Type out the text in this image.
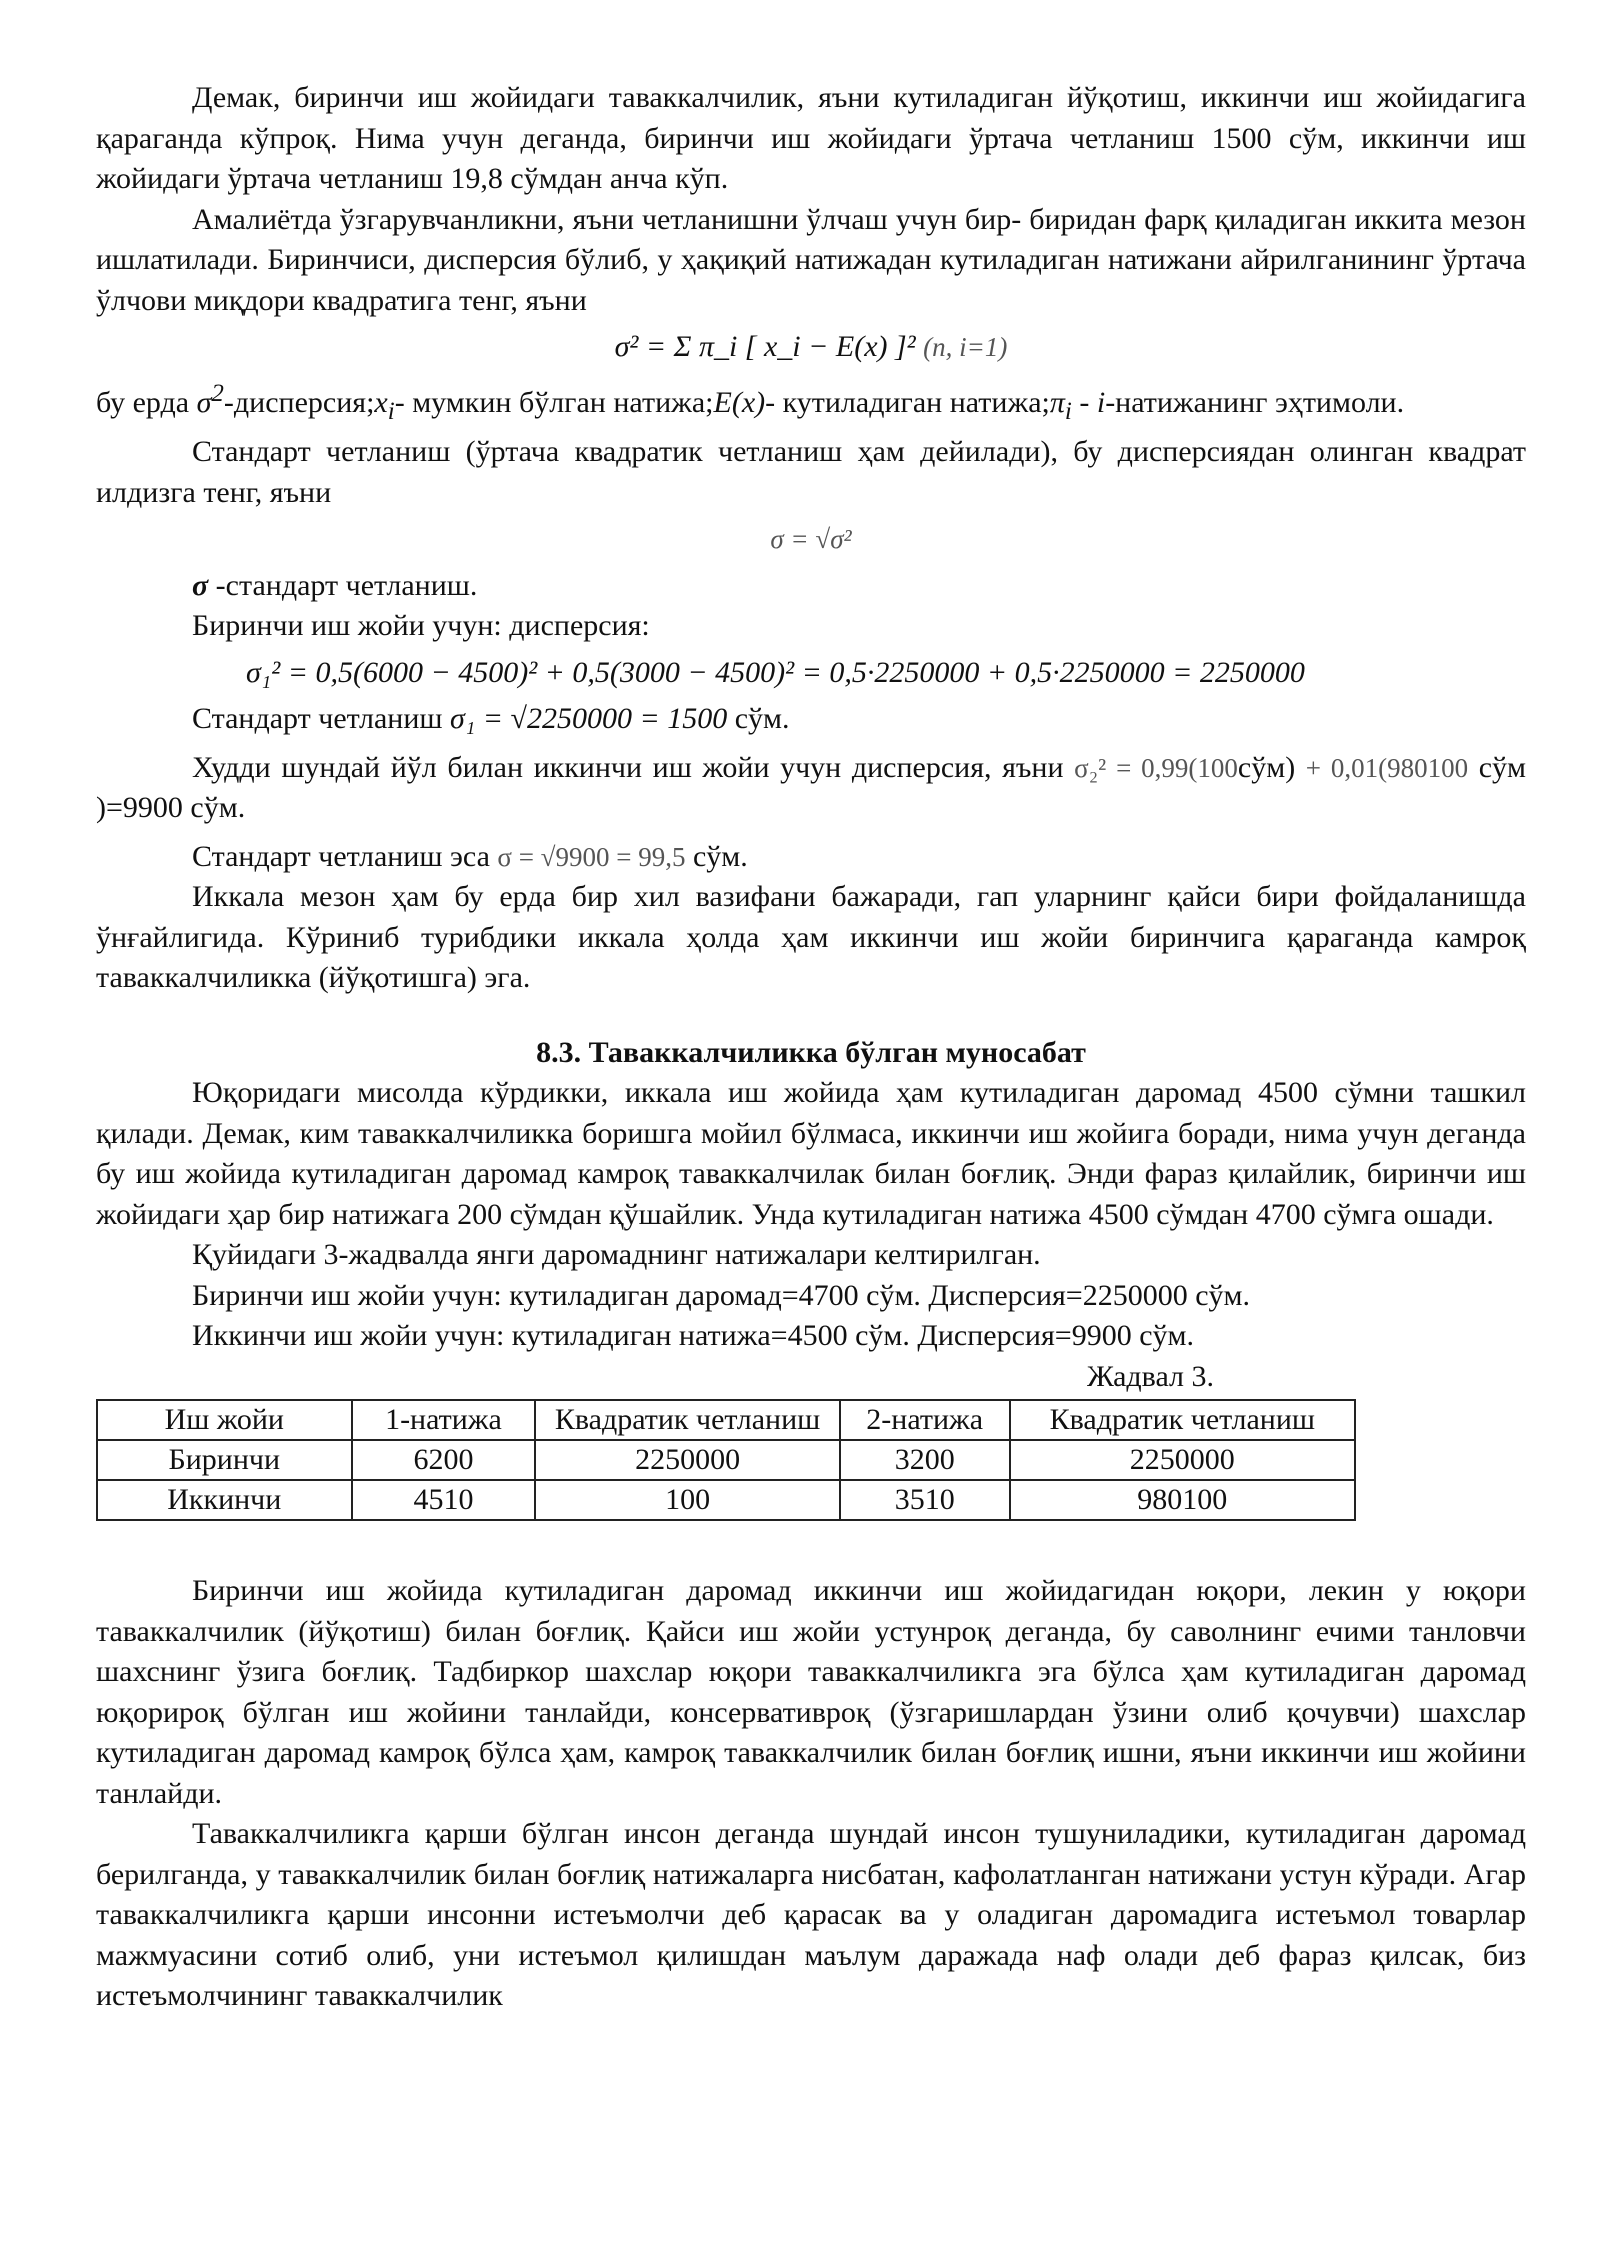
Демак, биринчи иш жойидаги таваккалчилик, яъни кутиладиган йўқотиш, иккинчи иш жойидагига қараганда кўпроқ. Нима учун деганда, биринчи иш жойидаги ўртача четланиш 1500 сўм, иккинчи иш жойидаги ўртача четланиш 19,8 сўмдан анча кўп.

Амалиётда ўзгарувчанликни, яъни четланишни ўлчаш учун бир- биридан фарқ қиладиган иккита мезон ишлатилади. Биринчиси, дисперсия бўлиб, у ҳақиқий натижадан кутиладиган натижани айрилганининг ўртача ўлчови миқдори квадратига тенг, яъни

σ² = Σ π_i [ x_i − E(x) ]² (n, i=1)

бу ерда $\sigma^2-дисперсия;x_i-$ мумкин бўлган натижа;E(x)- кутиладиган $натижа;\pi_i$ - i-натижанинг эҳтимоли.

Стандарт четланиш (ўртача квадратик четланиш ҳам дейилади), бу дисперсиядан олинган квадрат илдизга тенг, яъни

σ = √σ²

σ -стандарт четланиш.

Биринчи иш жойи учун: дисперсия:

σ₁² = 0,5(6000 − 4500)² + 0,5(3000 − 4500)² = 0,5·2250000 + 0,5·2250000 = 2250000

Стандарт четланиш σ₁ = √2250000 = 1500 сўм.

Худди шундай йўл билан иккинчи иш жойи учун дисперсия, яъни σ₂² = 0,99(100сўм) + 0,01(980100 сўм )=9900 сўм.

Стандарт четланиш эса σ = √9900 = 99,5 сўм.

Иккала мезон ҳам бу ерда бир хил вазифани бажаради, гап уларнинг қайси бири фойдаланишда ўнғайлигида. Кўриниб турибдики иккала ҳолда ҳам иккинчи иш жойи биринчига қараганда камроқ таваккалчиликка (йўқотишга) эга.

8.3. Таваккалчиликка бўлган муносабат

Юқоридаги мисолда кўрдикки, иккала иш жойида ҳам кутиладиган даромад 4500 сўмни ташкил қилади. Демак, ким таваккалчиликка боришга мойил бўлмаса, иккинчи иш жойига боради, нима учун деганда бу иш жойида кутиладиган даромад камроқ таваккалчилак билан боғлиқ. Энди фараз қилайлик, биринчи иш жойидаги ҳар бир натижага 200 сўмдан қўшайлик. Унда кутиладиган натижа 4500 сўмдан 4700 сўмга ошади.

Қуйидаги 3-жадвалда янги даромаднинг натижалари келтирилган.

Биринчи иш жойи учун: кутиладиган даромад=4700 сўм. Дисперсия=2250000 сўм.

Иккинчи иш жойи учун: кутиладиган натижа=4500 сўм. Дисперсия=9900 сўм.

Жадвал 3.
Иш жойи	1-натижа	Квадратик четланиш	2-натижа	Квадратик четланиш
Биринчи	6200	2250000	3200	2250000
Иккинчи	4510	100	3510	980100

Биринчи иш жойида кутиладиган даромад иккинчи иш жойидагидан юқори, лекин у юқори таваккалчилик (йўқотиш) билан боғлиқ. Қайси иш жойи устунроқ деганда, бу саволнинг ечими танловчи шахснинг ўзига боғлиқ. Тадбиркор шахслар юқори таваккалчиликга эга бўлса ҳам кутиладиган даромад юқорироқ бўлган иш жойини танлайди, консервативроқ (ўзгаришлардан ўзини олиб қочувчи) шахслар кутиладиган даромад камроқ бўлса ҳам, камроқ таваккалчилик билан боғлиқ ишни, яъни иккинчи иш жойини танлайди.

Таваккалчиликга қарши бўлган инсон деганда шундай инсон тушуниладики, кутиладиган даромад берилганда, у таваккалчилик билан боғлиқ натижаларга нисбатан, кафолатланган натижани устун кўради. Агар таваккалчиликга қарши инсонни истеъмолчи деб қарасак ва у оладиган даромадига истеъмол товарлар мажмуасини сотиб олиб, уни истеъмол қилишдан маълум даражада наф олади деб фараз қилсак, биз истеъмолчининг таваккалчилик
